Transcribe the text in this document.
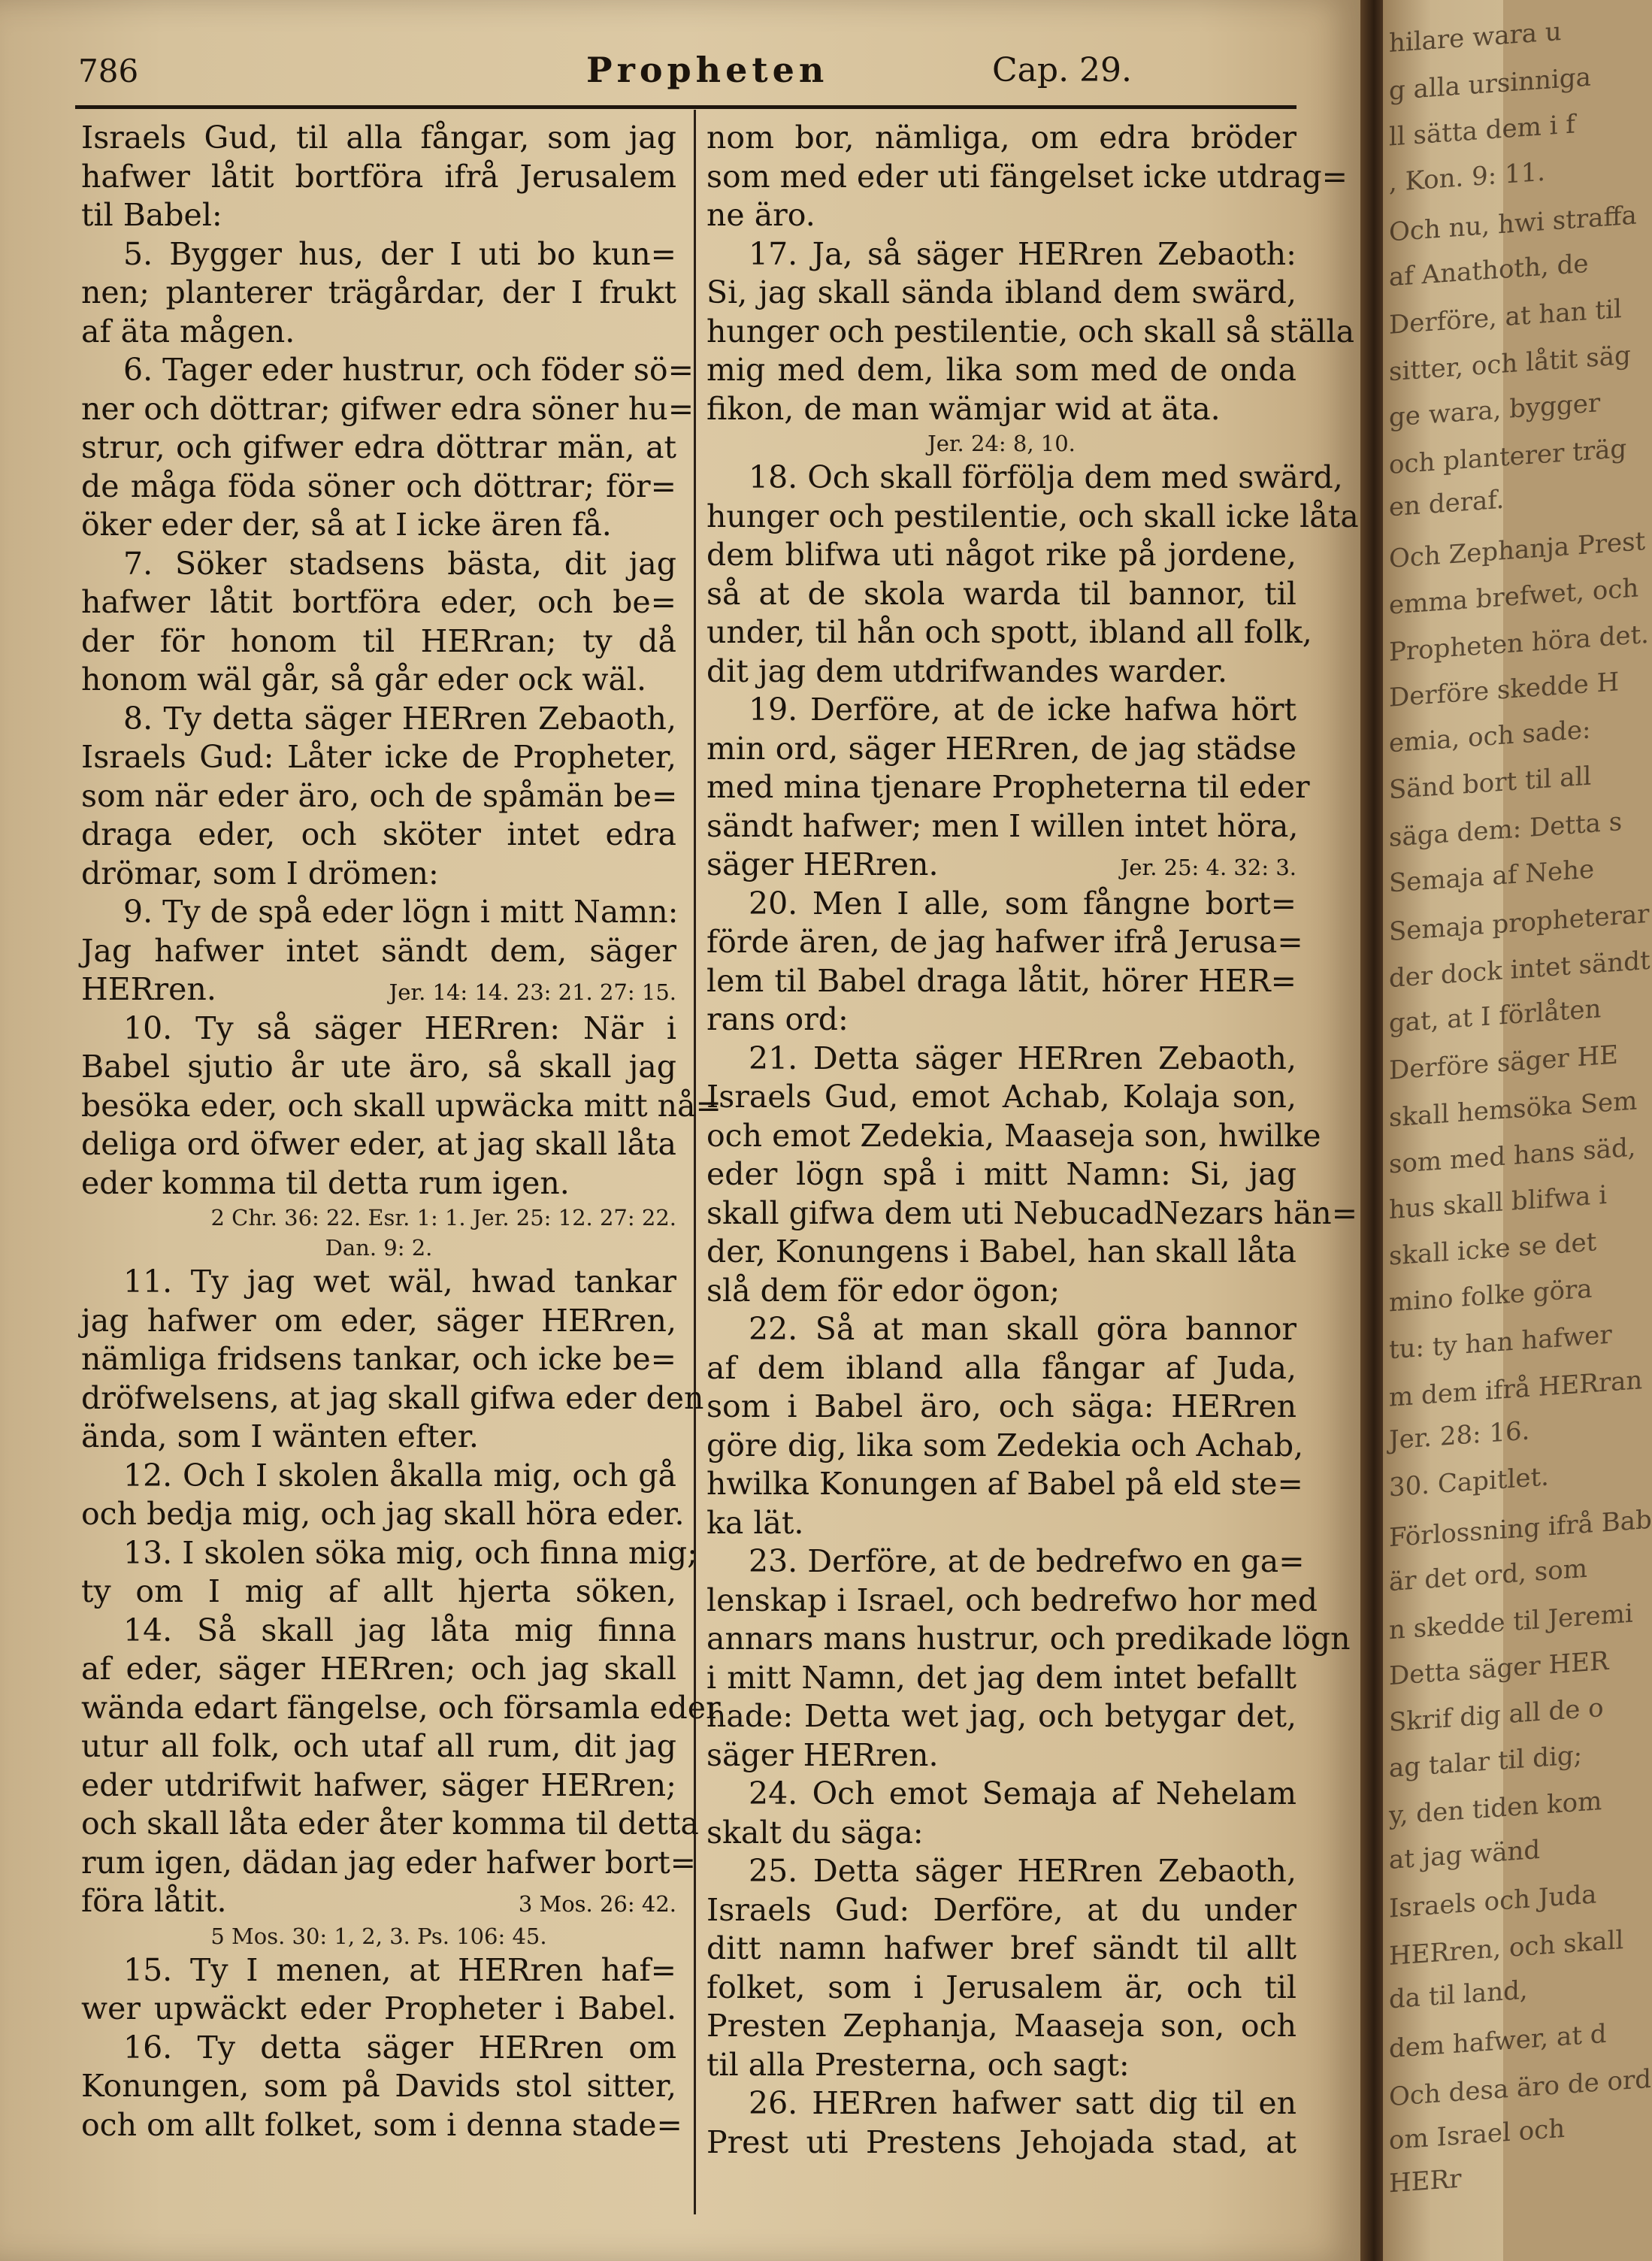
786	Propheten	Cap. 29.
Israels Gud, til alla fångar, som jag
hafwer låtit bortföra ifrå Jerusalem
til Babel:
5. Bygger hus, der I uti bo kun=
nen; planterer trägårdar, der I frukt
af äta mågen.
6. Tager eder hustrur, och föder sö=
ner och döttrar; gifwer edra söner hu=
strur, och gifwer edra döttrar män, at
de måga föda söner och döttrar; för=
öker eder der, så at I icke ären få.
7. Söker stadsens bästa, dit jag
hafwer låtit bortföra eder, och be=
der för honom til HERran; ty då
honom wäl går, så går eder ock wäl.
8. Ty detta säger HERren Zebaoth,
Israels Gud: Låter icke de Propheter,
som när eder äro, och de spåmän be=
draga eder, och sköter intet edra
drömar, som I drömen:
9. Ty de spå eder lögn i mitt Namn:
Jag hafwer intet sändt dem, säger
HERren.	Jer. 14: 14. 23: 21. 27: 15.
10. Ty så säger HERren: När i
Babel sjutio år ute äro, så skall jag
besöka eder, och skall upwäcka mitt nå=
deliga ord öfwer eder, at jag skall låta
eder komma til detta rum igen.
2 Chr. 36: 22. Esr. 1: 1. Jer. 25: 12. 27: 22.
Dan. 9: 2.
11. Ty jag wet wäl, hwad tankar
jag hafwer om eder, säger HERren,
nämliga fridsens tankar, och icke be=
dröfwelsens, at jag skall gifwa eder den
ända, som I wänten efter.
12. Och I skolen åkalla mig, och gå
och bedja mig, och jag skall höra eder.
13. I skolen söka mig, och finna mig;
ty om I mig af allt hjerta söken,
14. Så skall jag låta mig finna
af eder, säger HERren; och jag skall
wända edart fängelse, och församla eder
utur all folk, och utaf all rum, dit jag
eder utdrifwit hafwer, säger HERren;
och skall låta eder åter komma til detta
rum igen, dädan jag eder hafwer bort=
föra låtit.	3 Mos. 26: 42.
5 Mos. 30: 1, 2, 3. Ps. 106: 45.
15. Ty I menen, at HERren haf=
wer upwäckt eder Propheter i Babel.
16. Ty detta säger HERren om
Konungen, som på Davids stol sitter,
och om allt folket, som i denna stade=
nom bor, nämliga, om edra bröder
som med eder uti fängelset icke utdrag=
ne äro.
17. Ja, så säger HERren Zebaoth:
Si, jag skall sända ibland dem swärd,
hunger och pestilentie, och skall så ställa
mig med dem, lika som med de onda
fikon, de man wämjar wid at äta.
Jer. 24: 8, 10.
18. Och skall förfölja dem med swärd,
hunger och pestilentie, och skall icke låta
dem blifwa uti något rike på jordene,
så at de skola warda til bannor, til
under, til hån och spott, ibland all folk,
dit jag dem utdrifwandes warder.
19. Derföre, at de icke hafwa hört
min ord, säger HERren, de jag städse
med mina tjenare Propheterna til eder
sändt hafwer; men I willen intet höra,
säger HERren.	Jer. 25: 4. 32: 3.
20. Men I alle, som fångne bort=
förde ären, de jag hafwer ifrå Jerusa=
lem til Babel draga låtit, hörer HER=
rans ord:
21. Detta säger HERren Zebaoth,
Israels Gud, emot Achab, Kolaja son,
och emot Zedekia, Maaseja son, hwilke
eder lögn spå i mitt Namn: Si, jag
skall gifwa dem uti NebucadNezars hän=
der, Konungens i Babel, han skall låta
slå dem för edor ögon;
22. Så at man skall göra bannor
af dem ibland alla fångar af Juda,
som i Babel äro, och säga: HERren
göre dig, lika som Zedekia och Achab,
hwilka Konungen af Babel på eld ste=
ka lät.
23. Derföre, at de bedrefwo en ga=
lenskap i Israel, och bedrefwo hor med
annars mans hustrur, och predikade lögn
i mitt Namn, det jag dem intet befallt
hade: Detta wet jag, och betygar det,
säger HERren.
24. Och emot Semaja af Nehelam
skalt du säga:
25. Detta säger HERren Zebaoth,
Israels Gud: Derföre, at du under
ditt namn hafwer bref sändt til allt
folket, som i Jerusalem är, och til
Presten Zephanja, Maaseja son, och
til alla Presterna, och sagt:
26. HERren hafwer satt dig til en
Prest uti Prestens Jehojada stad, at
hilare wara u
g alla ursinniga
ll sätta dem i f
, Kon. 9: 11.
Och nu, hwi straffa
af Anathoth, de
Derföre, at han til
sitter, och låtit säg
ge wara, bygger
och planterer träg
en deraf.
Och Zephanja Prest
emma brefwet, och
Propheten höra det.
Derföre skedde H
emia, och sade:
Sänd bort til all
säga dem: Detta s
Semaja af Nehe
Semaja propheterar
der dock intet sändt
gat, at I förlåten
Derföre säger HE
skall hemsöka Sem
som med hans säd,
hus skall blifwa i
skall icke se det
mino folke göra
tu: ty han hafwer
m dem ifrå HERran
Jer. 28: 16.
30. Capitlet.
Förlossning ifrå Bab
är det ord, som
n skedde til Jeremi
Detta säger HER
Skrif dig all de o
ag talar til dig;
y, den tiden kom
at jag wänd
Israels och Juda
HERren, och skall
da til land,
dem hafwer, at d
Och desa äro de ord
om Israel och
HERr
